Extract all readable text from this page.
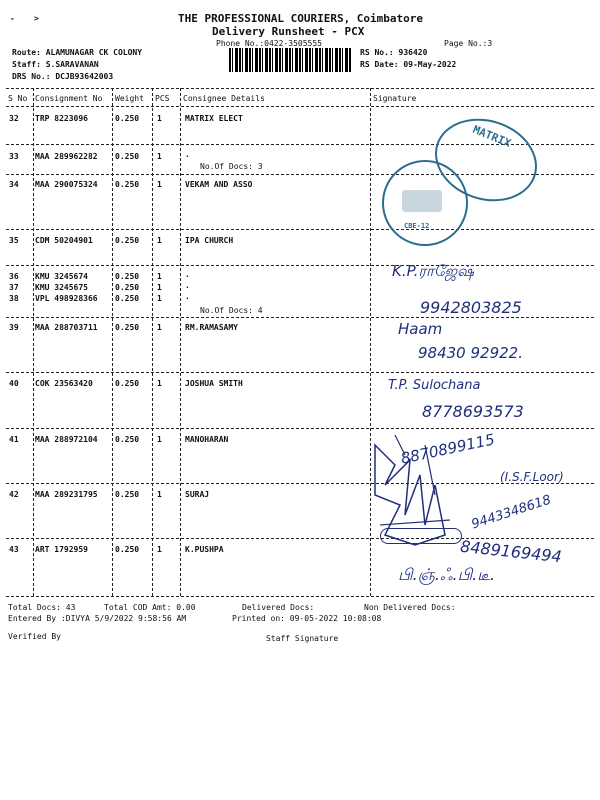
- >	THE PROFESSIONAL COURIERS, Coimbatore
Delivery Runsheet - PCX
Phone No.:0422-3505555	Page No.:3
Route: ALAMUNAGAR CK COLONY
Staff: S.SARAVANAN
DRS No.: DCJB93642003
RS No.: 936420
RS Date: 09-May-2022
S No Consignment No Weight PCS Consignee Details	Signature
32 TRP 8223096	0.250 1	MATRIX ELECT
33 MAA 289962282 0.250 1	.
No.Of Docs: 3
34 MAA 290075324 0.250 1	VEKAM AND ASSO
35 CDM 50204901	0.250 1	IPA CHURCH
36 KMU 3245674	0.250 1	.
37 KMU 3245675	0.250 1	.
38 VPL 498928366 0.250 1	.
No.Of Docs: 4
39 MAA 288703711 0.250 1	RM.RAMASAMY
40 COK 23563420	0.250 1	JOSHUA SMITH
41 MAA 288972104 0.250 1	MANOHARAN
42 MAA 289231795 0.250 1	SURAJ
43 ART 1792959	0.250 1	K.PUSHPA
MATRIX
CBE-12
K.P.ராஜேஷ்
9942803825
Haam
98430 92922.
T.P. Sulochana
8778693573
8870899115
(I.S.F.Loor)
9443348618
8489169494
பி.ஞ்.ஃ.பி.டீ.
Total Docs: 43	Total COD Amt: 0.00	Delivered Docs:	Non Delivered Docs:
Entered By :DIVYA 5/9/2022 9:58:56 AM	Printed on: 09-05-2022 10:08:08
Verified By	Staff Signature
